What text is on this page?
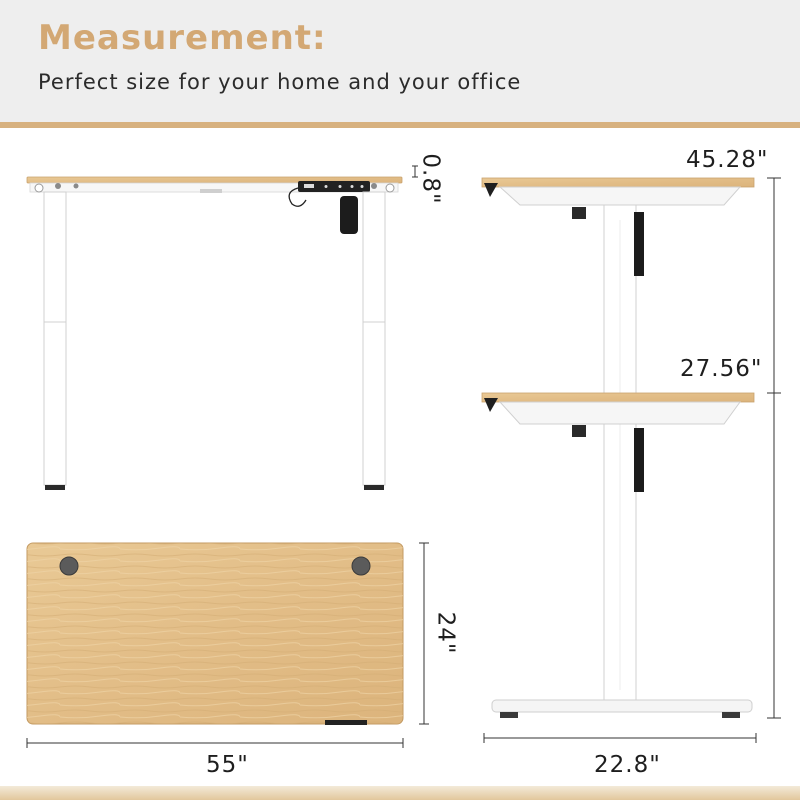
Measurement:

Perfect size for your home and your office

0.8"	45.28"
27.56"
24"
55"	22.8"
